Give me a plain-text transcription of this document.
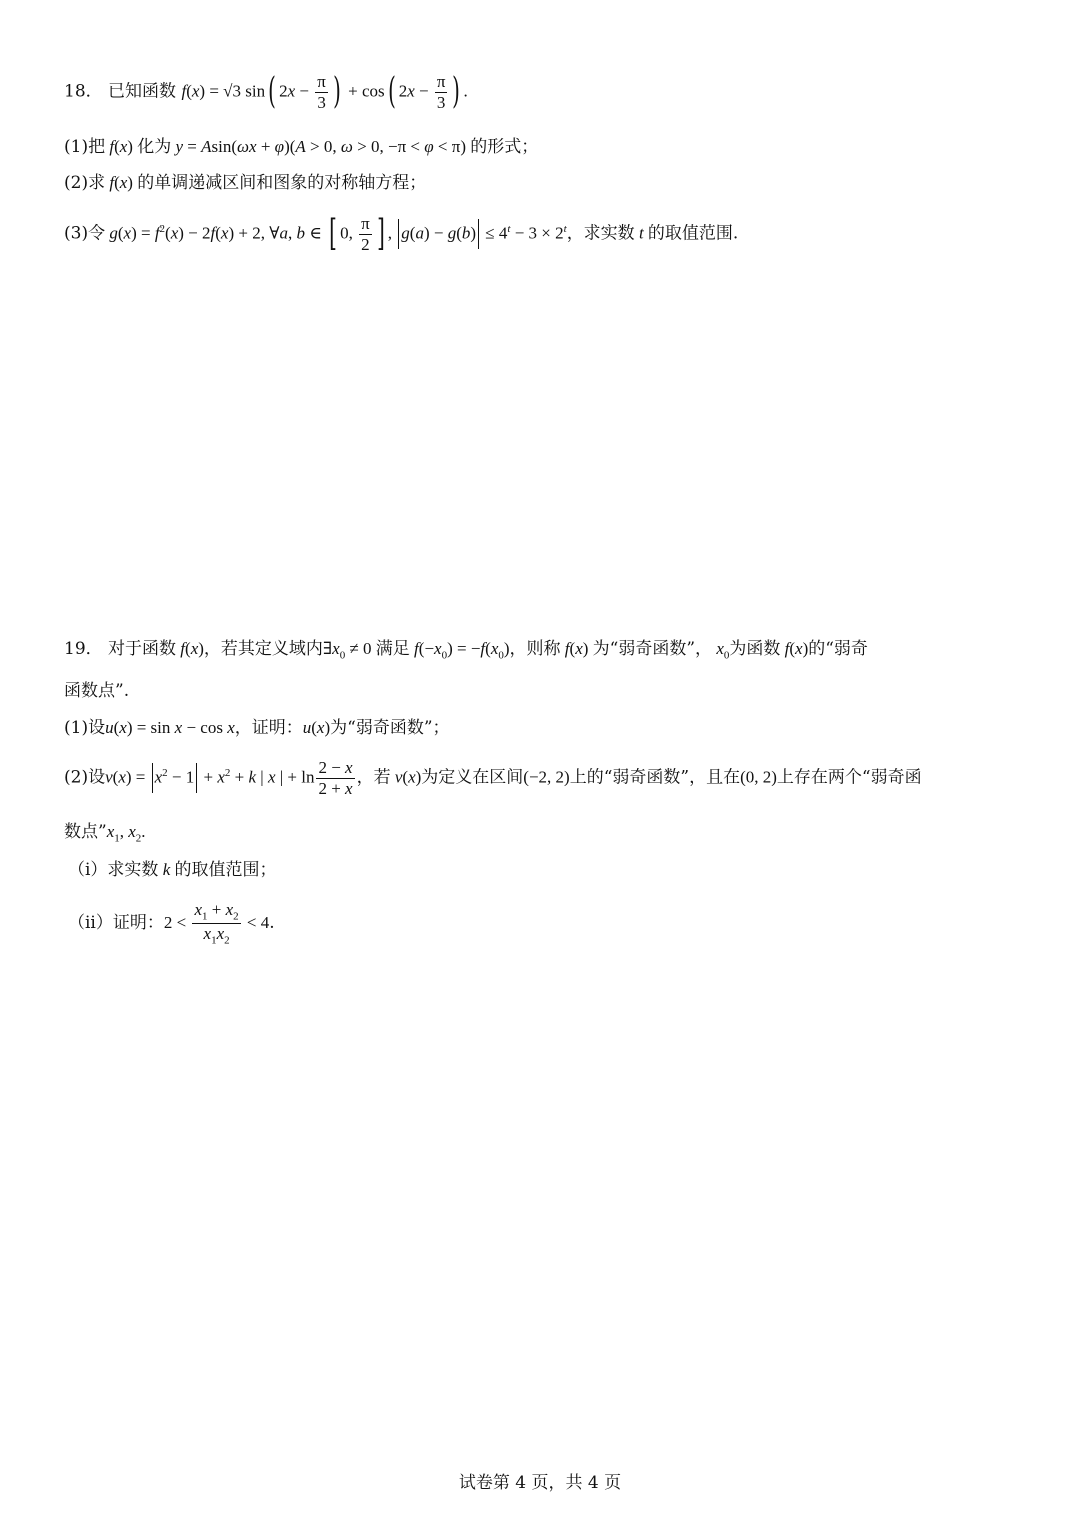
18． 已知函数 f(x) = √3 sin( $2x - \frac{\pi}{3}$ ) + cos( $2x - \frac{\pi}{3}$ ) .
(1)把 f(x) 化为 y = Asin(ωx + φ)(A > 0, ω > 0, −π < φ < π) 的形式；
(2)求 f(x) 的单调递减区间和图象的对称轴方程；
(3)令 $g(x) = f^2(x) - 2f(x) + 2$, ∀a, b ∈ [ 0, $\frac{\pi}{2}$ ] , $g(a) - g(b) \le 4^t - 3 \times 2^t$，求实数 t 的取值范围.
19． 对于函数 f(x)，若其定义域内$\exists x_0 \ne 0$ 满足 $f(-x_0) = -f(x_0)$，则称 f(x) 为“弱奇函数”， $x_0$为函数 f(x)的“弱奇
函数点”.
(1)设u(x) = sin x − cos x，证明：u(x)为“弱奇函数”；
(2)设$v(x) = x^2 - 1 + x^2 + k$ | x | + $\ln \frac{2 - x}{2 + x}$ ，若 v(x)为定义在区间(−2, 2)上的“弱奇函数”，且在(0, 2)上存在两个“弱奇函
数点$”x_1$, $x_2$.
（i）求实数 k 的取值范围；
（ii）证明：$2 < \frac{x_1 + x_2}{x_1x_2} < 4$.
试卷第 4 页，共 4 页
